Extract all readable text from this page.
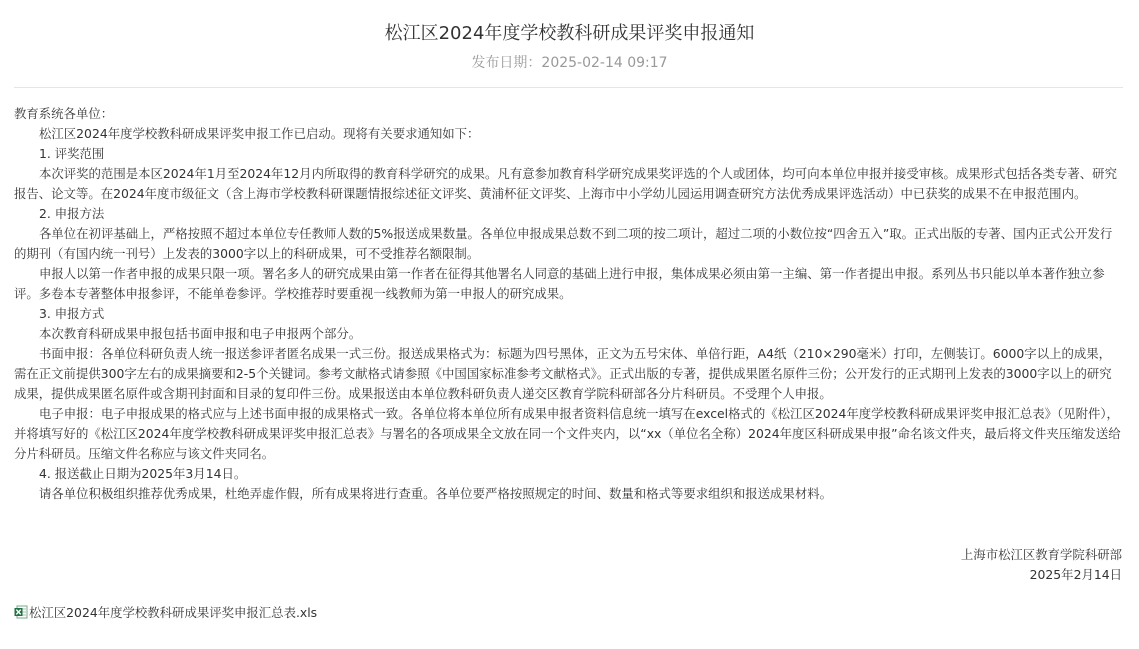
松江区2024年度学校教科研成果评奖申报通知
发布日期：2025-02-14 09:17

教育系统各单位：

松江区2024年度学校教科研成果评奖申报工作已启动。现将有关要求通知如下：

1. 评奖范围

本次评奖的范围是本区2024年1月至2024年12月内所取得的教育科学研究的成果。凡有意参加教育科学研究成果奖评选的个人或团体，均可向本单位申报并接受审核。成果形式包括各类专著、研究报告、论文等。在2024年度市级征文（含上海市学校教科研课题情报综述征文评奖、黄浦杯征文评奖、上海市中小学幼儿园运用调查研究方法优秀成果评选活动）中已获奖的成果不在申报范围内。

2. 申报方法

各单位在初评基础上，严格按照不超过本单位专任教师人数的5%报送成果数量。各单位申报成果总数不到二项的按二项计，超过二项的小数位按“四舍五入”取。正式出版的专著、国内正式公开发行的期刊（有国内统一刊号）上发表的3000字以上的科研成果，可不受推荐名额限制。

申报人以第一作者申报的成果只限一项。署名多人的研究成果由第一作者在征得其他署名人同意的基础上进行申报，集体成果必须由第一主编、第一作者提出申报。系列丛书只能以单本著作独立参评。多卷本专著整体申报参评，不能单卷参评。学校推荐时要重视一线教师为第一申报人的研究成果。

3. 申报方式

本次教育科研成果申报包括书面申报和电子申报两个部分。

书面申报：各单位科研负责人统一报送参评者匿名成果一式三份。报送成果格式为：标题为四号黑体，正文为五号宋体、单倍行距，A4纸（210×290毫米）打印，左侧装订。6000字以上的成果，需在正文前提供300字左右的成果摘要和2-5个关键词。参考文献格式请参照《中国国家标准参考文献格式》。正式出版的专著，提供成果匿名原件三份；公开发行的正式期刊上发表的3000字以上的研究成果，提供成果匿名原件或含期刊封面和目录的复印件三份。成果报送由本单位教科研负责人递交区教育学院科研部各分片科研员。不受理个人申报。

电子申报：电子申报成果的格式应与上述书面申报的成果格式一致。各单位将本单位所有成果申报者资料信息统一填写在excel格式的《松江区2024年度学校教科研成果评奖申报汇总表》（见附件），并将填写好的《松江区2024年度学校教科研成果评奖申报汇总表》与署名的各项成果全文放在同一个文件夹内，以“xx（单位名全称）2024年度区科研成果申报”命名该文件夹，最后将文件夹压缩发送给分片科研员。压缩文件名称应与该文件夹同名。

4. 报送截止日期为2025年3月14日。

请各单位积极组织推荐优秀成果，杜绝弄虚作假，所有成果将进行查重。各单位要严格按照规定的时间、数量和格式等要求组织和报送成果材料。

上海市松江区教育学院科研部
2025年2月14日
松江区2024年度学校教科研成果评奖申报汇总表.xls
